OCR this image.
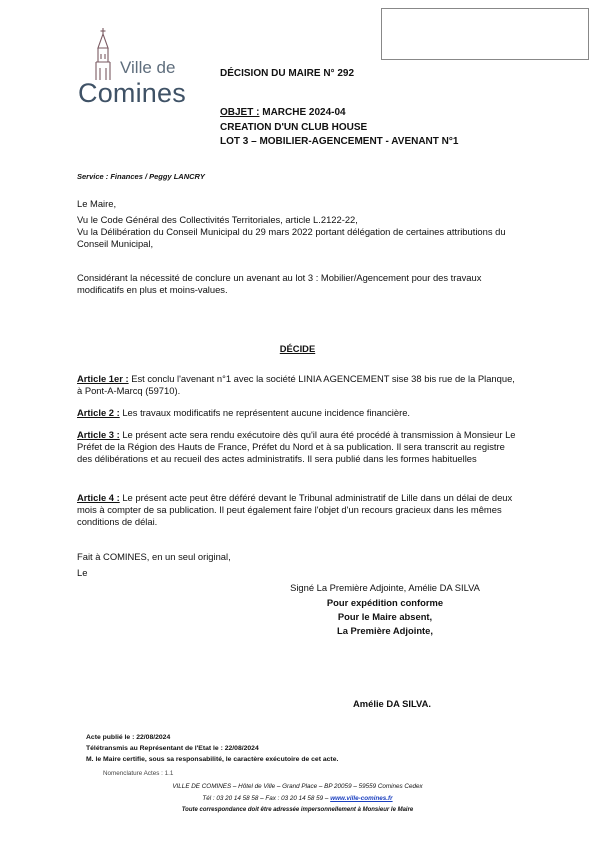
Ville de
Comines
DÉCISION DU MAIRE N° 292
OBJET : MARCHE 2024-04
CREATION D'UN CLUB HOUSE
LOT 3 – MOBILIER-AGENCEMENT - AVENANT N°1
Service : Finances / Peggy LANCRY
Le Maire,
Vu le Code Général des Collectivités Territoriales, article L.2122-22,
Vu la Délibération du Conseil Municipal du 29 mars 2022 portant délégation de certaines attributions du Conseil Municipal,
Considérant la nécessité de conclure un avenant au lot 3 : Mobilier/Agencement pour des travaux modificatifs en plus et moins-values.
DÉCIDE
Article 1er : Est conclu l'avenant n°1 avec la société LINIA AGENCEMENT sise 38 bis rue de la Planque, à Pont-A-Marcq (59710).
Article 2 : Les travaux modificatifs ne représentent aucune incidence financière.
Article 3 : Le présent acte sera rendu exécutoire dès qu'il aura été procédé à transmission à Monsieur Le Préfet de la Région des Hauts de France, Préfet du Nord et à sa publication. Il sera transcrit au registre des délibérations et au recueil des actes administratifs. Il sera publié dans les formes habituelles
Article 4 : Le présent acte peut être déféré devant le Tribunal administratif de Lille dans un délai de deux mois à compter de sa publication. Il peut également faire l'objet d'un recours gracieux dans les mêmes conditions de délai.
Fait à COMINES, en un seul original,
Le
Signé La Première Adjointe, Amélie DA SILVA
Pour expédition conforme
Pour le Maire absent,
La Première Adjointe,
Amélie DA SILVA.
Acte publié le : 22/08/2024
Télétransmis au Représentant de l'Etat le : 22/08/2024
M. le Maire certifie, sous sa responsabilité, le caractère exécutoire de cet acte.
Nomenclature Actes : 1.1
VILLE DE COMINES – Hôtel de Ville – Grand Place – BP 20059 – 59559 Comines Cedex
Tél : 03 20 14 58 58 – Fax : 03 20 14 58 59 – www.ville-comines.fr
Toute correspondance doit être adressée impersonnellement à Monsieur le Maire
